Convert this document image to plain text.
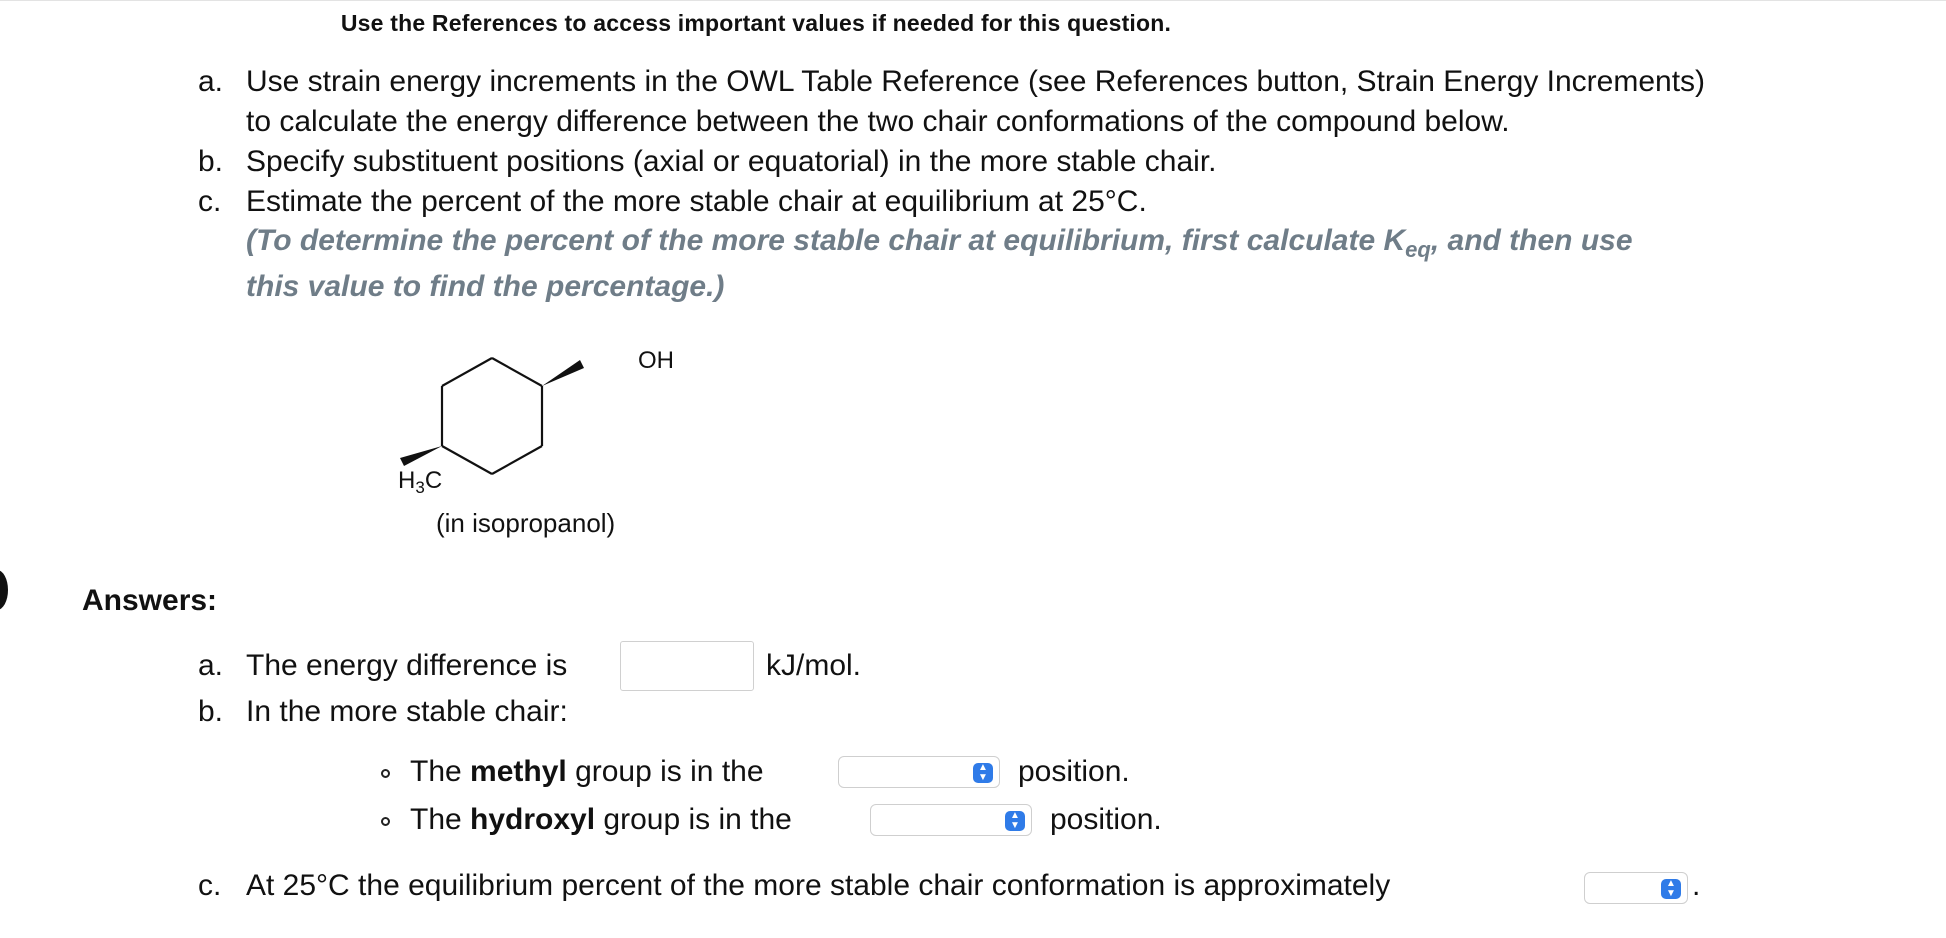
Use the References to access important values if needed for this question.
a. Use strain energy increments in the OWL Table Reference (see References button, Strain Energy Increments)
to calculate the energy difference between the two chair conformations of the compound below.
b. Specify substituent positions (axial or equatorial) in the more stable chair.
c. Estimate the percent of the more stable chair at equilibrium at 25°C.
(To determine the percent of the more stable chair at equilibrium, first calculate $K_{eq}$, and then use
this value to find the percentage.)
OH
$H_3C$
(in isopropanol)
Answers:
a. The energy difference is	kJ/mol.
b. In the more stable chair:
The methyl group is in the	▲
▼ position.
The hydroxyl group is in the	▲
▼ position.
c. At 25°C the equilibrium percent of the more stable chair conformation is approximately	▲
▼ .
